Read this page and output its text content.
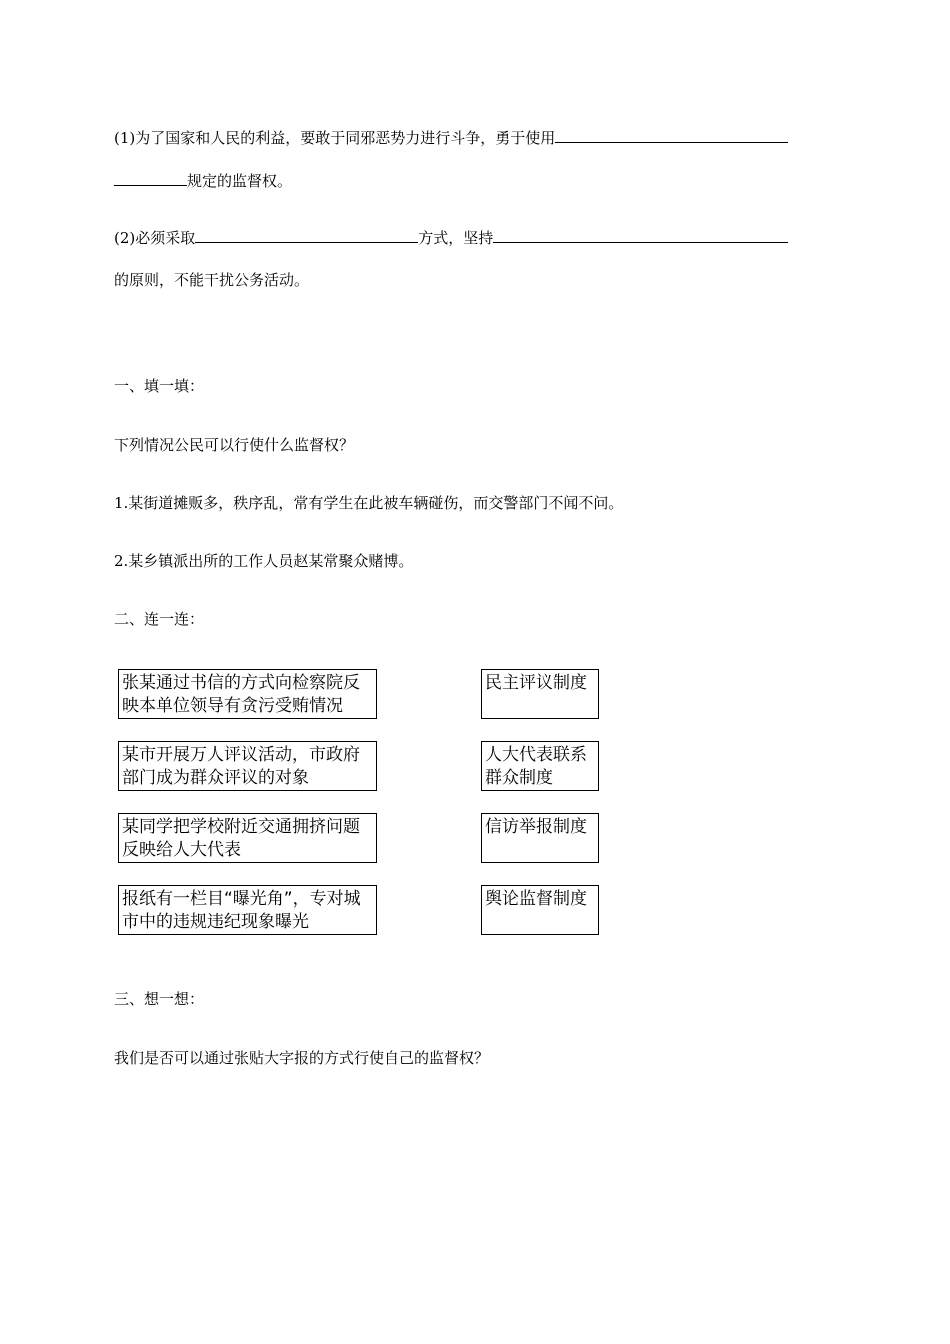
(1)为了国家和人民的利益，要敢于同邪恶势力进行斗争，勇于使用
规定的监督权。
(2)必须采取	方式，坚持
的原则，不能干扰公务活动。
一、填一填：
下列情况公民可以行使什么监督权？
1.某街道摊贩多，秩序乱，常有学生在此被车辆碰伤，而交警部门不闻不问。
2.某乡镇派出所的工作人员赵某常聚众赌博。
二、连一连：
张某通过书信的方式向检察院反映本单位领导有贪污受贿情况
某市开展万人评议活动，市政府部门成为群众评议的对象
某同学把学校附近交通拥挤问题反映给人大代表
报纸有一栏目“曝光角”，专对城市中的违规违纪现象曝光
民主评议制度
人大代表联系群众制度
信访举报制度
舆论监督制度
三、想一想：
我们是否可以通过张贴大字报的方式行使自己的监督权？
